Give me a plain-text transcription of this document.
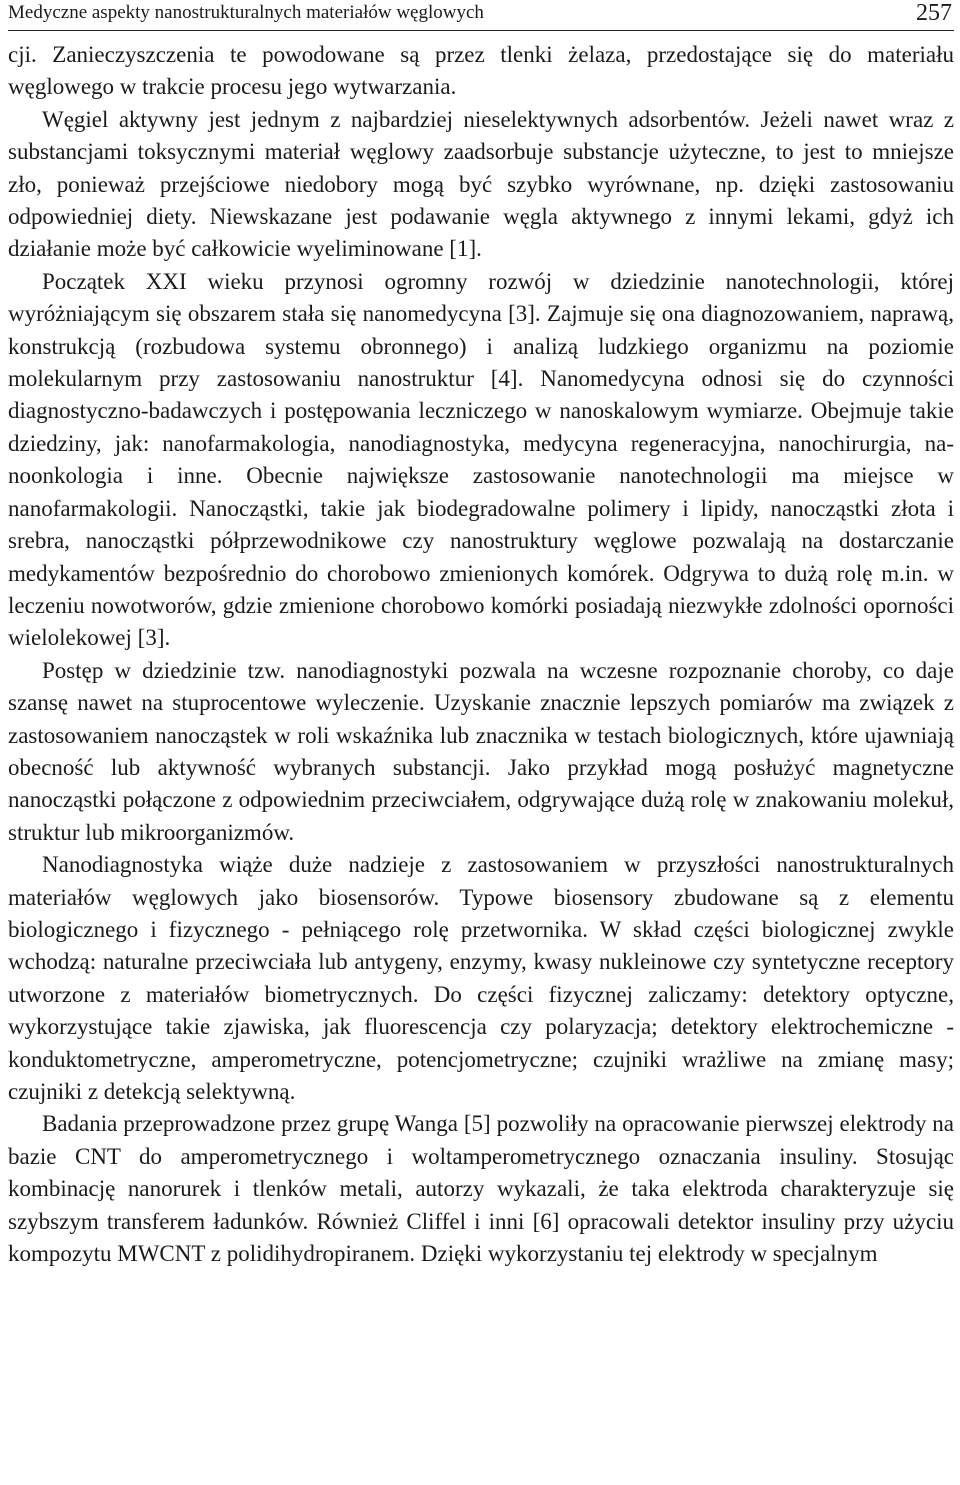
Medyczne aspekty nanostrukturalnych materiałów węglowych	257

cji. Zanieczyszczenia te powodowane są przez tlenki żelaza, przedostające się do materiału węglowego w trakcie procesu jego wytwarzania.

Węgiel aktywny jest jednym z najbardziej nieselektywnych adsorbentów. Jeżeli nawet wraz z substancjami toksycznymi materiał węglowy zaadsorbuje substancje użyteczne, to jest to mniejsze zło, ponieważ przejściowe niedobory mogą być szybko wyrównane, np. dzięki zastosowaniu odpowiedniej diety. Niewskazane jest podawanie węgla aktywnego z innymi lekami, gdyż ich działanie może być całkowicie wyeliminowane [1].

Początek XXI wieku przynosi ogromny rozwój w dziedzinie nanotechnologii, której wyróżniającym się obszarem stała się nanomedycyna [3]. Zajmuje się ona diagnozowaniem, naprawą, konstrukcją (rozbudowa systemu obronnego) i analizą ludzkiego organizmu na poziomie molekularnym przy zastosowaniu nanostruktur [4]. Nanomedycyna odnosi się do czynności diagnostyczno-badawczych i postępowania leczniczego w nanoskalowym wymiarze. Obejmuje takie dziedziny, jak: nanofarmakologia, nanodiagnostyka, medycyna regeneracyjna, nanochirurgia, nanoonkologia i inne. Obecnie największe zastosowanie nanotechnologii ma miejsce w nanofarmakologii. Nanocząstki, takie jak biodegradowalne polimery i lipidy, nanocząstki złota i srebra, nanocząstki półprzewodnikowe czy nanostruktury węglowe pozwalają na dostarczanie medykamentów bezpośrednio do chorobowo zmienionych komórek. Odgrywa to dużą rolę m.in. w leczeniu nowotworów, gdzie zmienione chorobowo komórki posiadają niezwykłe zdolności oporności wielolekowej [3].

Postęp w dziedzinie tzw. nanodiagnostyki pozwala na wczesne rozpoznanie choroby, co daje szansę nawet na stuprocentowe wyleczenie. Uzyskanie znacznie lepszych pomiarów ma związek z zastosowaniem nanocząstek w roli wskaźnika lub znacznika w testach biologicznych, które ujawniają obecność lub aktywność wybranych substancji. Jako przykład mogą posłużyć magnetyczne nanocząstki połączone z odpowiednim przeciwciałem, odgrywające dużą rolę w znakowaniu molekuł, struktur lub mikroorganizmów.

Nanodiagnostyka wiąże duże nadzieje z zastosowaniem w przyszłości nanostrukturalnych materiałów węglowych jako biosensorów. Typowe biosensory zbudowane są z elementu biologicznego i fizycznego - pełniącego rolę przetwornika. W skład części biologicznej zwykle wchodzą: naturalne przeciwciała lub antygeny, enzymy, kwasy nukleinowe czy syntetyczne receptory utworzone z materiałów biometrycznych. Do części fizycznej zaliczamy: detektory optyczne, wykorzystujące takie zjawiska, jak fluorescencja czy polaryzacja; detektory elektrochemiczne - konduktometryczne, amperometryczne, potencjometryczne; czujniki wrażliwe na zmianę masy; czujniki z detekcją selektywną.

Badania przeprowadzone przez grupę Wanga [5] pozwoliły na opracowanie pierwszej elektrody na bazie CNT do amperometrycznego i woltamperometrycznego oznaczania insuliny. Stosując kombinację nanorurek i tlenków metali, autorzy wykazali, że taka elektroda charakteryzuje się szybszym transferem ładunków. Również Cliffel i inni [6] opracowali detektor insuliny przy użyciu kompozytu MWCNT z polidihydropiranem. Dzięki wykorzystaniu tej elektrody w specjalnym
